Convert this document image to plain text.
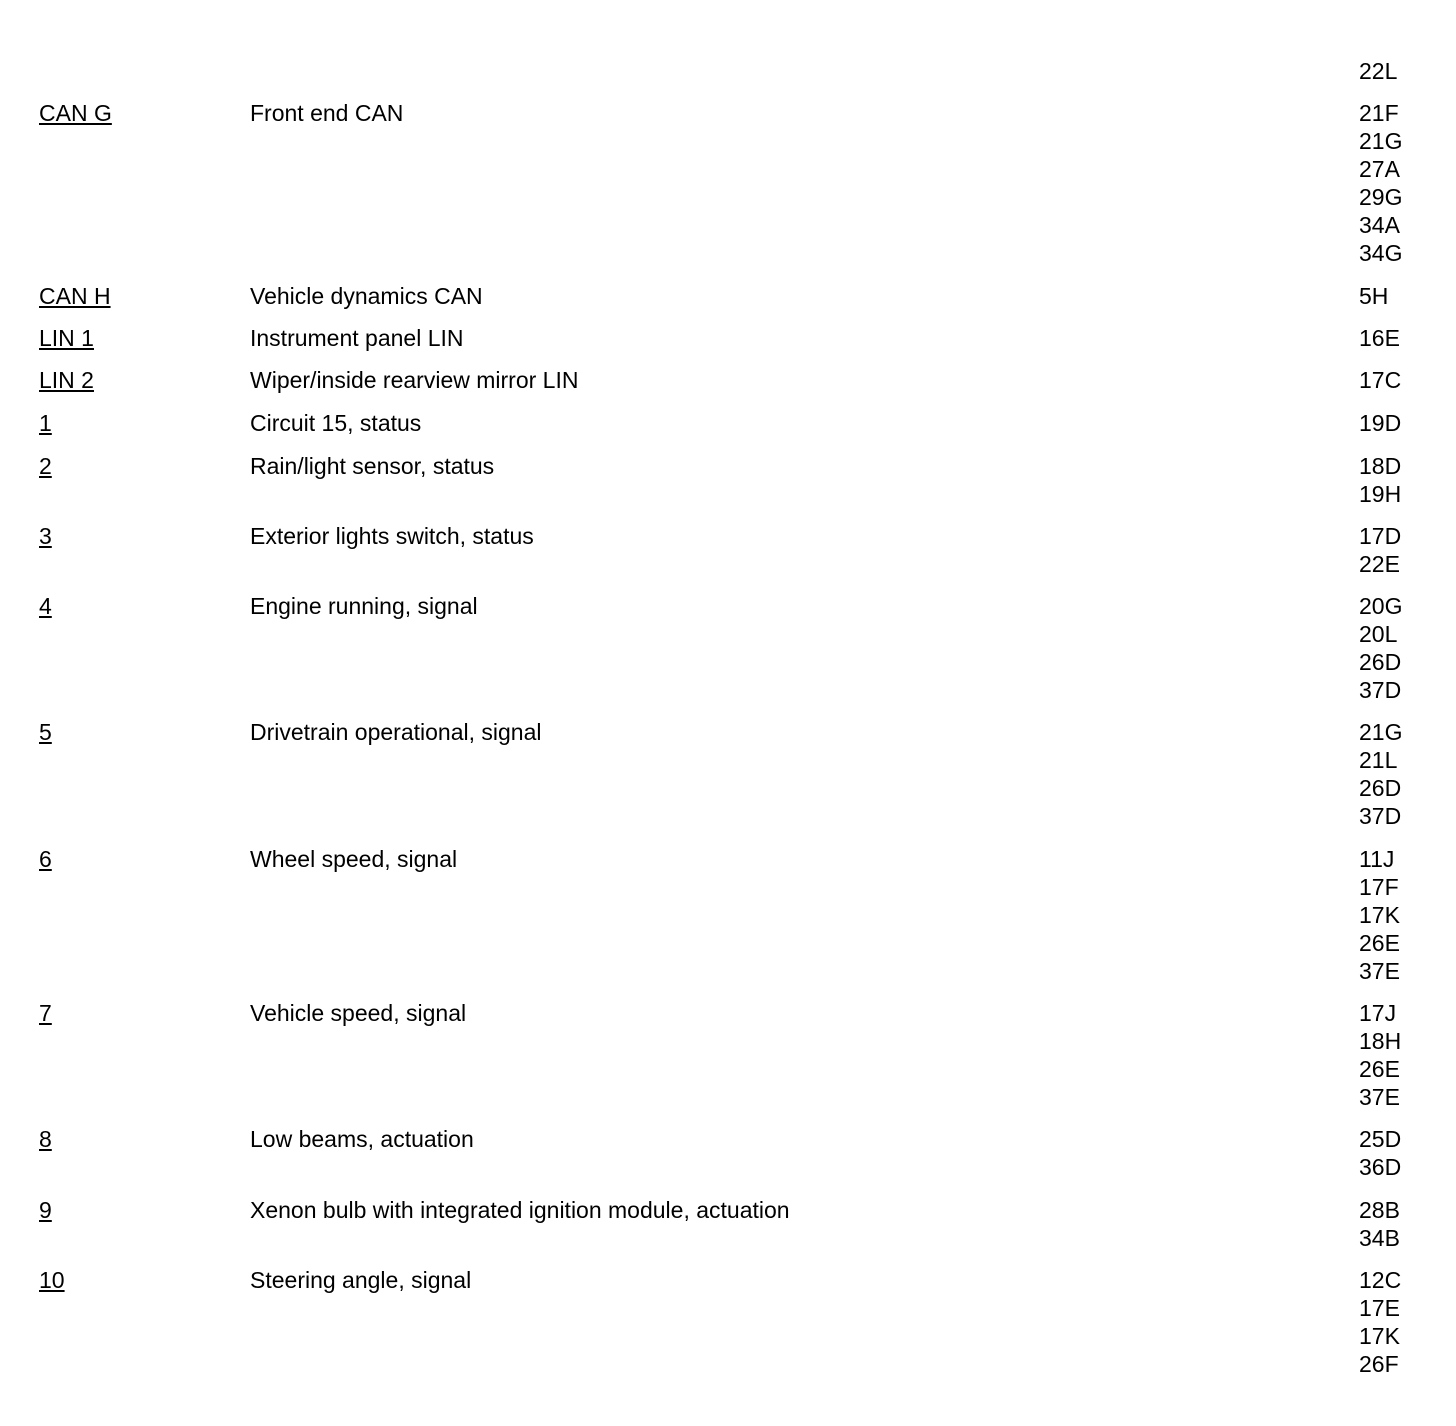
22L
CAN G	Front end CAN	21F
21G
27A
29G
34A
34G
CAN H	Vehicle dynamics CAN	5H
LIN 1	Instrument panel LIN	16E
LIN 2	Wiper/inside rearview mirror LIN	17C
1	Circuit 15, status	19D
2	Rain/light sensor, status	18D
19H
3	Exterior lights switch, status	17D
22E
4	Engine running, signal	20G
20L
26D
37D
5	Drivetrain operational, signal	21G
21L
26D
37D
6	Wheel speed, signal	11J
17F
17K
26E
37E
7	Vehicle speed, signal	17J
18H
26E
37E
8	Low beams, actuation	25D
36D
9	Xenon bulb with integrated ignition module, actuation	28B
34B
10	Steering angle, signal	12C
17E
17K
26F
